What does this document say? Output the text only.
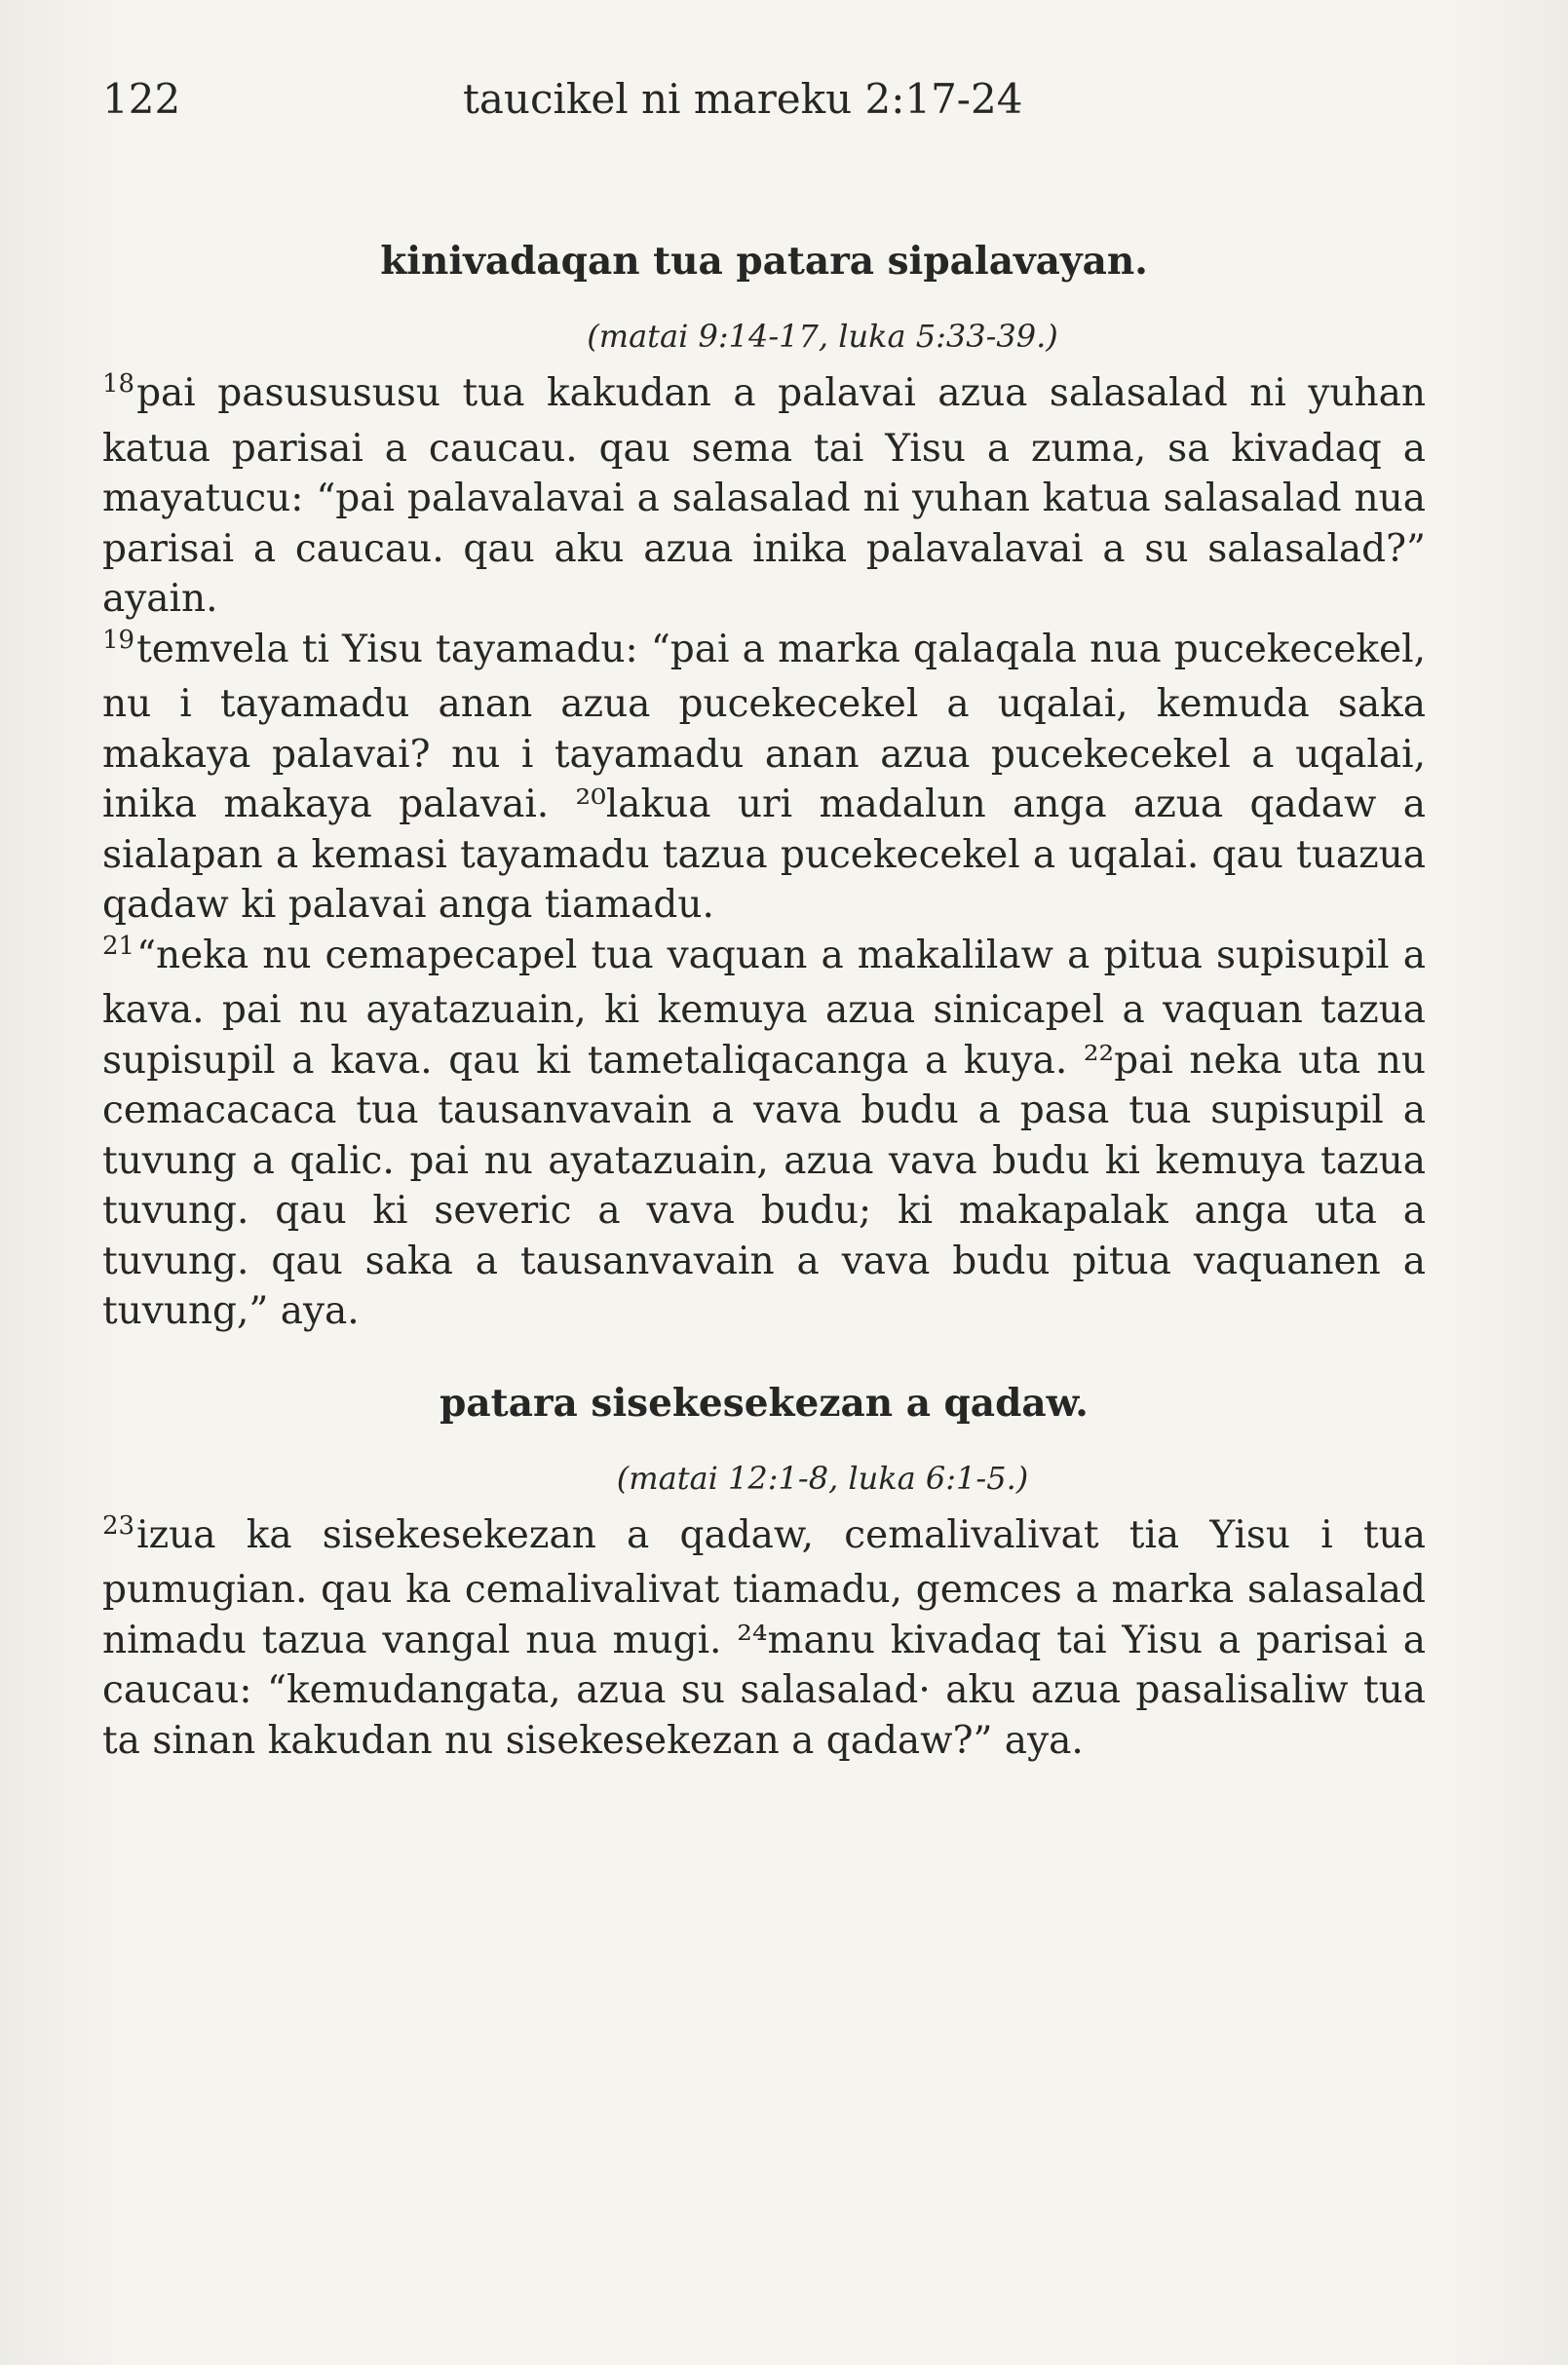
122	taucikel ni mareku 2:17-24
kinivadaqan tua patara sipalavayan.
(matai 9:14-17, luka 5:33-39.)

$^{18}$pai pasusususu tua kakudan a palavai azua salasalad ni yuhan katua parisai a caucau. qau sema tai Yisu a zuma, sa kivadaq a mayatucu: “pai palavalavai a salasalad ni yuhan katua salasalad nua parisai a caucau. qau aku azua inika palavalavai a su salasalad?” ayain.

$^{19}$temvela ti Yisu tayamadu: “pai a marka qalaqala nua pucekecekel, nu i tayamadu anan azua pucekecekel a uqalai, kemuda saka makaya palavai? nu i tayamadu anan azua pucekecekel a uqalai, inika makaya palavai. ²⁰lakua uri madalun anga azua qadaw a sialapan a kemasi tayamadu tazua pucekecekel a uqalai. qau tuazua qadaw ki palavai anga tiamadu.

$^{21}$“neka nu cemapecapel tua vaquan a makalilaw a pitua supisupil a kava. pai nu ayatazuain, ki kemuya azua sinicapel a vaquan tazua supisupil a kava. qau ki tametaliqacanga a kuya. ²²pai neka uta nu cemacacaca tua tausanvavain a vava budu a pasa tua supisupil a tuvung a qalic. pai nu ayatazuain, azua vava budu ki kemuya tazua tuvung. qau ki severic a vava budu; ki makapalak anga uta a tuvung. qau saka a tausanvavain a vava budu pitua vaquanen a tuvung,” aya.

patara sisekesekezan a qadaw.
(matai 12:1-8, luka 6:1-5.)

$^{23}$izua ka sisekesekezan a qadaw, cemalivalivat tia Yisu i tua pumugian. qau ka cemalivalivat tiamadu, gemces a marka salasalad nimadu tazua vangal nua mugi. ²⁴manu kivadaq tai Yisu a parisai a caucau: “kemudangata, azua su salasalad· aku azua pasalisaliw tua ta sinan kakudan nu sisekesekezan a qadaw?” aya.
